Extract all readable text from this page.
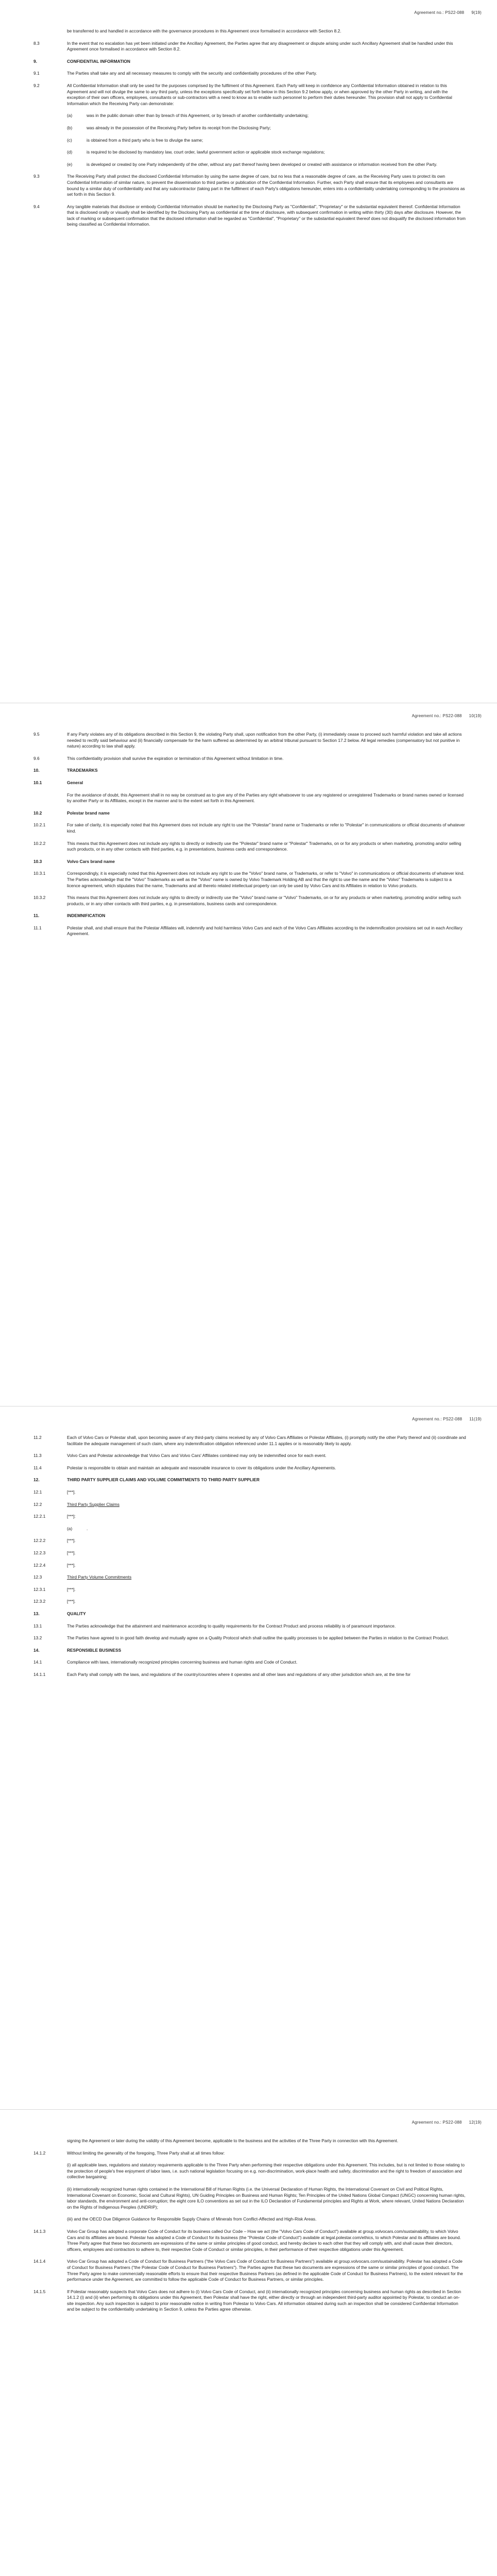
Agreement no.: PS22-088 9(19)
be transferred to and handled in accordance with the governance procedures in this Agreement once formalised in accordance with Section 8.2.
8.3	In the event that no escalation has yet been initiated under the Ancillary Agreement, the Parties agree that any disagreement or dispute arising under such Ancillary Agreement shall be handled under this Agreement once formalised in accordance with Section 8.2.
9.	CONFIDENTIAL INFORMATION
9.1	The Parties shall take any and all necessary measures to comply with the security and confidentiality procedures of the other Party.
9.2	All Confidential Information shall only be used for the purposes comprised by the fulfilment of this Agreement. Each Party will keep in confidence any Confidential Information obtained in relation to this Agreement and will not divulge the same to any third party, unless the exceptions specifically set forth below in this Section 9.2 below apply, or when approved by the other Party in writing, and with the exception of their own officers, employees, consultants or sub-contractors with a need to know as to enable such personnel to perform their duties hereunder. This provision shall not apply to Confidential Information which the Receiving Party can demonstrate:
(a)	was in the public domain other than by breach of this Agreement, or by breach of another confidentiality undertaking;
(b)	was already in the possession of the Receiving Party before its receipt from the Disclosing Party;
(c)	is obtained from a third party who is free to divulge the same;
(d)	is required to be disclosed by mandatory law, court order, lawful government action or applicable stock exchange regulations;
(e)	is developed or created by one Party independently of the other, without any part thereof having been developed or created with assistance or information received from the other Party.
9.3	The Receiving Party shall protect the disclosed Confidential Information by using the same degree of care, but no less that a reasonable degree of care, as the Receiving Party uses to protect its own Confidential Information of similar nature, to prevent the dissemination to third parties or publication of the Confidential Information. Further, each Party shall ensure that its employees and consultants are bound by a similar duty of confidentiality and that any subcontractor (taking part in the fulfilment of each Party's obligations hereunder, enters into a confidentiality undertaking corresponding to the provisions as set forth in this Section 9.
9.4	Any tangible materials that disclose or embody Confidential Information should be marked by the Disclosing Party as "Confidential", "Proprietary" or the substantial equivalent thereof. Confidential Information that is disclosed orally or visually shall be identified by the Disclosing Party as confidential at the time of disclosure, with subsequent confirmation in writing within thirty (30) days after disclosure. However, the lack of marking or subsequent confirmation that the disclosed information shall be regarded as "Confidential", "Proprietary" or the substantial equivalent thereof does not disqualify the disclosed information from being classified as Confidential Information.
Agreement no.: PS22-088 10(19)
9.5	If any Party violates any of its obligations described in this Section 9, the violating Party shall, upon notification from the other Party, (i) immediately cease to proceed such harmful violation and take all actions needed to rectify said behaviour and (ii) financially compensate for the harm suffered as determined by an arbitral tribunal pursuant to Section 17.2 below. All legal remedies (compensatory but not punitive in nature) according to law shall apply.
9.6	This confidentiality provision shall survive the expiration or termination of this Agreement without limitation in time.
10.	TRADEMARKS
10.1	General
For the avoidance of doubt, this Agreement shall in no way be construed as to give any of the Parties any right whatsoever to use any registered or unregistered Trademarks or brand names owned or licensed by another Party or its Affiliates, except in the manner and to the extent set forth in this Agreement.
10.2	Polestar brand name
10.2.1	For sake of clarity, it is especially noted that this Agreement does not include any right to use the "Polestar" brand name or Trademarks or refer to "Polestar" in communications or official documents of whatever kind.
10.2.2	This means that this Agreement does not include any rights to directly or indirectly use the "Polestar" brand name or "Polestar" Trademarks, on or for any products or when marketing, promoting and/or selling such products, or in any other contacts with third parties, e.g. in presentations, business cards and correspondence.
10.3	Volvo Cars brand name
10.3.1	Correspondingly, it is especially noted that this Agreement does not include any right to use the "Volvo" brand name, or Trademarks, or refer to "Volvo" in communications or official documents of whatever kind. The Parties acknowledge that the "Volvo" Trademarks as well as the "Volvo" name is owned by Volvo Trademark Holding AB and that the right to use the name and the "Volvo" Trademarks is subject to a licence agreement, which stipulates that the name, Trademarks and all thereto related intellectual property can only be used by Volvo Cars and its Affiliates in relation to Volvo products.
10.3.2	This means that this Agreement does not include any rights to directly or indirectly use the "Volvo" brand name or "Volvo" Trademarks, on or for any products or when marketing, promoting and/or selling such products, or in any other contacts with third parties, e.g. in presentations, business cards and correspondence.
11.	INDEMNIFICATION
11.1	Polestar shall, and shall ensure that the Polestar Affiliates will, indemnify and hold harmless Volvo Cars and each of the Volvo Cars Affiliates according to the indemnification provisions set out in each Ancillary Agreement.
Agreement no.: PS22-088 11(19)
11.2	Each of Volvo Cars or Polestar shall, upon becoming aware of any third-party claims received by any of Volvo Cars Affiliates or Polestar Affiliates, (i) promptly notify the other Party thereof and (ii) coordinate and facilitate the adequate management of such claim, where any indemnification obligation referenced under 11.1 applies or is reasonably likely to apply.
11.3	Volvo Cars and Polestar acknowledge that Volvo Cars and Volvo Cars' Affiliates combined may only be indemnified once for each event.
11.4	Polestar is responsible to obtain and maintain an adequate and reasonable insurance to cover its obligations under the Ancillary Agreements.
12.	THIRD PARTY SUPPLIER CLAIMS AND VOLUME COMMITMENTS TO THIRD PARTY SUPPLIER
12.1	[***].
12.2	Third Party Supplier Claims
12.2.1	[***]:
(a)	.
12.2.2	[***].
12.2.3	[***].
12.2.4	[***].
12.3	Third Party Volume Commitments
12.3.1	[***].
12.3.2	[***].
13.	QUALITY
13.1	The Parties acknowledge that the attainment and maintenance according to quality requirements for the Contract Product and process reliability is of paramount importance.
13.2	The Parties have agreed to in good faith develop and mutually agree on a Quality Protocol which shall outline the quality processes to be applied between the Parties in relation to the Contract Product.
14.	RESPONSIBLE BUSINESS
14.1	Compliance with laws, internationally recognized principles concerning business and human rights and Code of Conduct.
14.1.1	Each Party shall comply with the laws, and regulations of the country/countries where it operates and all other laws and regulations of any other jurisdiction which are, at the time for
Agreement no.: PS22-088 12(19)
signing the Agreement or later during the validity of this Agreement become, applicable to the business and the activities of the Three Party in connection with this Agreement.
14.1.2	Without limiting the generality of the foregoing, Three Party shall at all times follow:
(i) all applicable laws, regulations and statutory requirements applicable to the Three Party when performing their respective obligations under this Agreement. This includes, but is not limited to those relating to the protection of people's free enjoyment of labor laws, i.e. such national legislation focusing on e.g. non-discrimination, work-place health and safety, discrimination and the right to freedom of association and collective bargaining;
(ii) internationally recognized human rights contained in the International Bill of Human Rights (i.e. the Universal Declaration of Human Rights, the International Covenant on Civil and Political Rights, International Covenant on Economic, Social and Cultural Rights), UN Guiding Principles on Business and Human Rights; Ten Principles of the United Nations Global Compact (UNGC) concerning human rights, labor standards, the environment and anti-corruption; the eight core ILO conventions as set out in the ILO Declaration of Fundamental principles and Rights at Work, where relevant, United Nations Declaration on the Rights of Indigenous Peoples (UNDRIP);
(iii) and the OECD Due Diligence Guidance for Responsible Supply Chains of Minerals from Conflict-Affected and High-Risk Areas.
14.1.3	Volvo Car Group has adopted a corporate Code of Conduct for its business called Our Code – How we act (the "Volvo Cars Code of Conduct") available at group.volvocars.com/sustainability, to which Volvo Cars and its affiliates are bound. Polestar has adopted a Code of Conduct for its business (the "Polestar Code of Conduct") available at legal.polestar.com/ethics, to which Polestar and its affiliates are bound. Three Party agree that these two documents are expressions of the same or similar principles of good conduct, and hereby declare to each other that they will comply with, and shall cause their directors, officers, employees and contractors to adhere to, their respective Code of Conduct or similar principles, in their performance of their respective obligations under this Agreement.
14.1.4	Volvo Car Group has adopted a Code of Conduct for Business Partners ("the Volvo Cars Code of Conduct for Business Partners") available at group.volvocars.com/sustainability. Polestar has adopted a Code of Conduct for Business Partners ("the Polestar Code of Conduct for Business Partners"). The Parties agree that these two documents are expressions of the same or similar principles of good conduct. The Three Party agree to make commercially reasonable efforts to ensure that their respective Business Partners (as defined in the applicable Code of Conduct for Business Partners), to the extent relevant for the performance under the Agreement, are committed to follow the applicable Code of Conduct for Business Partners, or similar principles.
14.1.5	If Polestar reasonably suspects that Volvo Cars does not adhere to (i) Volvo Cars Code of Conduct, and (ii) internationally recognized principles concerning business and human rights as described in Section 14.1.2 (i) and (ii) when performing its obligations under this Agreement, then Polestar shall have the right, either directly or through an independent third-party auditor appointed by Polestar, to conduct an on-site inspection. Any such inspection is subject to prior reasonable notice in writing from Polestar to Volvo Cars. All information obtained during such an inspection shall be considered Confidential Information and be subject to the confidentiality undertaking in Section 9, unless the Parties agree otherwise.
